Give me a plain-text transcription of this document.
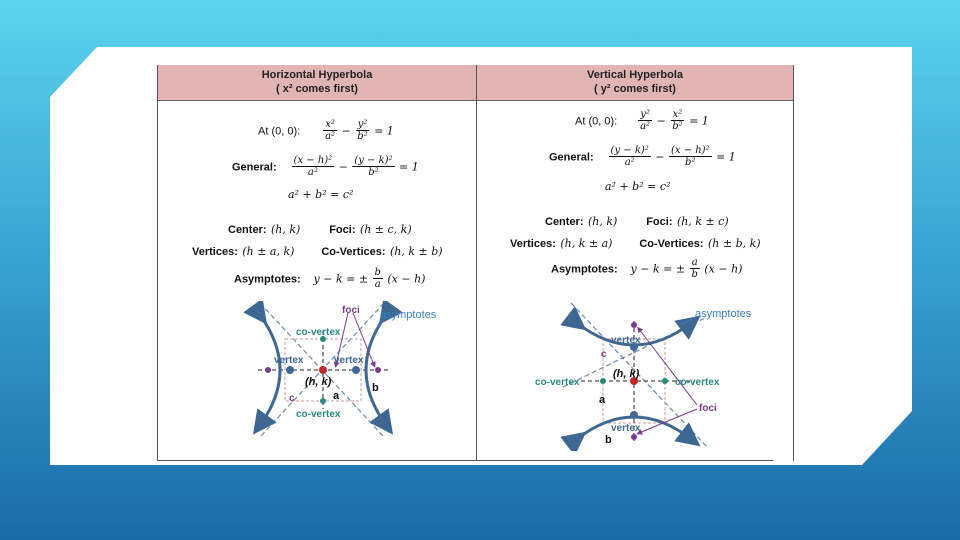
Horizontal Hyperbola
( x² comes first)
Vertical Hyperbola
( y² comes first)
At (0, 0): $\frac{\text{x²}}{\text{a²}} - \frac{\text{y²}}{\text{b²}} = 1$
General: $\frac{\text{(x − h)²}}{\text{a²}} - \frac{\text{(y − k)²}}{\text{b²}} = 1$
a² + b² = c²
Center: (h, k)	Foci: (h ± c, k)
Vertices: (h ± a, k) Co-Vertices: (h, k ± b)
Asymptotes: y − k = ± $\frac{b}{a} (x - h)$
foci asymptotes
co-vertex
co-vertex
vertex	vertex
(h, k)
c	a
b
At (0, 0): $\frac{\text{y²}}{\text{a²}} - \frac{\text{x²}}{\text{b²}} = 1$
General: $\frac{\text{(y − k)²}}{\text{a²}} - \frac{\text{(x − h)²}}{\text{b²}} = 1$
a² + b² = c²
Center: (h, k)	Foci: (h, k ± c)
Vertices: (h, k ± a) Co-Vertices: (h ± b, k)
Asymptotes: y − k = ± $\frac{a}{b} (x - h)$
asymptotes
vertex
vertex
co-vertex	co-vertex
(h, k)
c
a
b
foci
